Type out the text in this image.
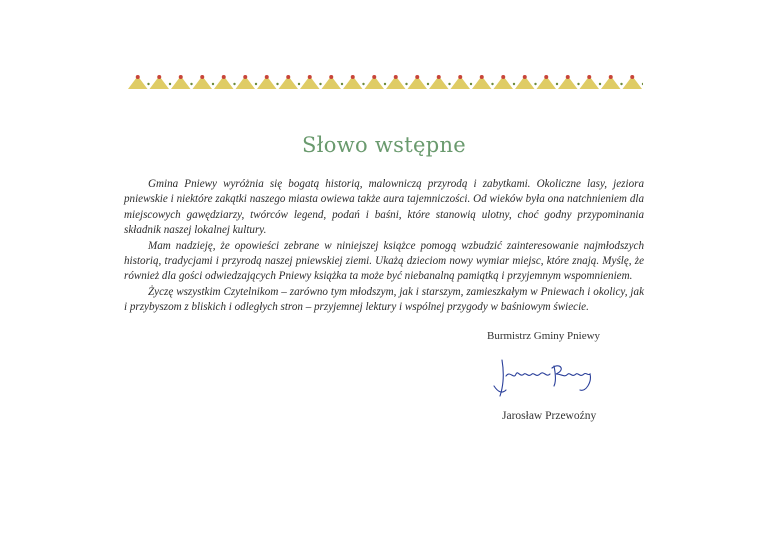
Słowo wstępne

Gmina Pniewy wyróżnia się bogatą historią, malowniczą przyrodą i zabytkami. Okoliczne lasy, jeziora pniewskie i niektóre zakątki naszego miasta owiewa także aura tajemniczości. Od wieków była ona natchnieniem dla miejscowych gawędziarzy, twórców legend, podań i baśni, które stanowią ulotny, choć godny przypominania składnik naszej lokalnej kultury.

Mam nadzieję, że opowieści zebrane w niniejszej książce pomogą wzbudzić zainteresowanie najmłodszych historią, tradycjami i przyrodą naszej pniewskiej ziemi. Ukażą dzieciom nowy wymiar miejsc, które znają. Myślę, że również dla gości odwiedzających Pniewy książka ta może być niebanalną pamiątką i przyjemnym wspomnieniem.

Życzę wszystkim Czytelnikom – zarówno tym młodszym, jak i starszym, zamieszkałym w Pniewach i okolicy, jak i przybyszom z bliskich i odległych stron – przyjemnej lektury i wspólnej przygody w baśniowym świecie.

Burmistrz Gminy Pniewy
Jarosław Przewoźny
